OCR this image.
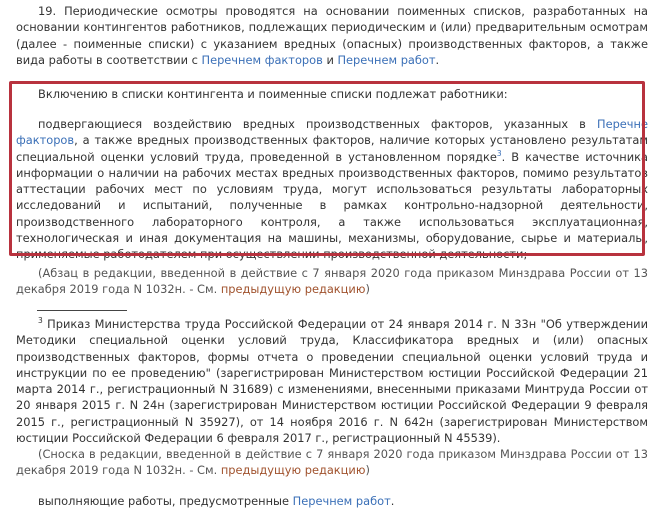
19. Периодические осмотры проводятся на основании поименных списков, разработанных на основании контингентов работников, подлежащих периодическим и (или) предварительным осмотрам (далее - поименные списки) с указанием вредных (опасных) производственных факторов, а также вида работы в соответствии с Перечнем факторов и Перечнем работ.

Включению в списки контингента и поименные списки подлежат работники:

подвергающиеся воздействию вредных производственных факторов, указанных в Перечне факторов, а также вредных производственных факторов, наличие которых установлено результатам специальной оценки условий труда, проведенной в установленном порядке$^3$. В качестве источника информации о наличии на рабочих местах вредных производственных факторов, помимо результатов аттестации рабочих мест по условиям труда, могут использоваться результаты лабораторных исследований и испытаний, полученные в рамках контрольно-надзорной деятельности, производственного лабораторного контроля, а также использоваться эксплуатационная, технологическая и иная документация на машины, механизмы, оборудование, сырье и материалы, применяемые работодателем при осуществлении производственной деятельности;

(Абзац в редакции, введенной в действие с 7 января 2020 года приказом Минздрава России от 13 декабря 2019 года N 1032н. - См. предыдущую редакцию)

$^3$ Приказ Министерства труда Российской Федерации от 24 января 2014 г. N 33н "Об утверждении Методики специальной оценки условий труда, Классификатора вредных и (или) опасных производственных факторов, формы отчета о проведении специальной оценки условий труда и инструкции по ее проведению" (зарегистрирован Министерством юстиции Российской Федерации 21 марта 2014 г., регистрационный N 31689) с изменениями, внесенными приказами Минтруда России от 20 января 2015 г. N 24н (зарегистрирован Министерством юстиции Российской Федерации 9 февраля 2015 г., регистрационный N 35927), от 14 ноября 2016 г. N 642н (зарегистрирован Министерством юстиции Российской Федерации 6 февраля 2017 г., регистрационный N 45539).

(Сноска в редакции, введенной в действие с 7 января 2020 года приказом Минздрава России от 13 декабря 2019 года N 1032н. - См. предыдущую редакцию)

выполняющие работы, предусмотренные Перечнем работ.
